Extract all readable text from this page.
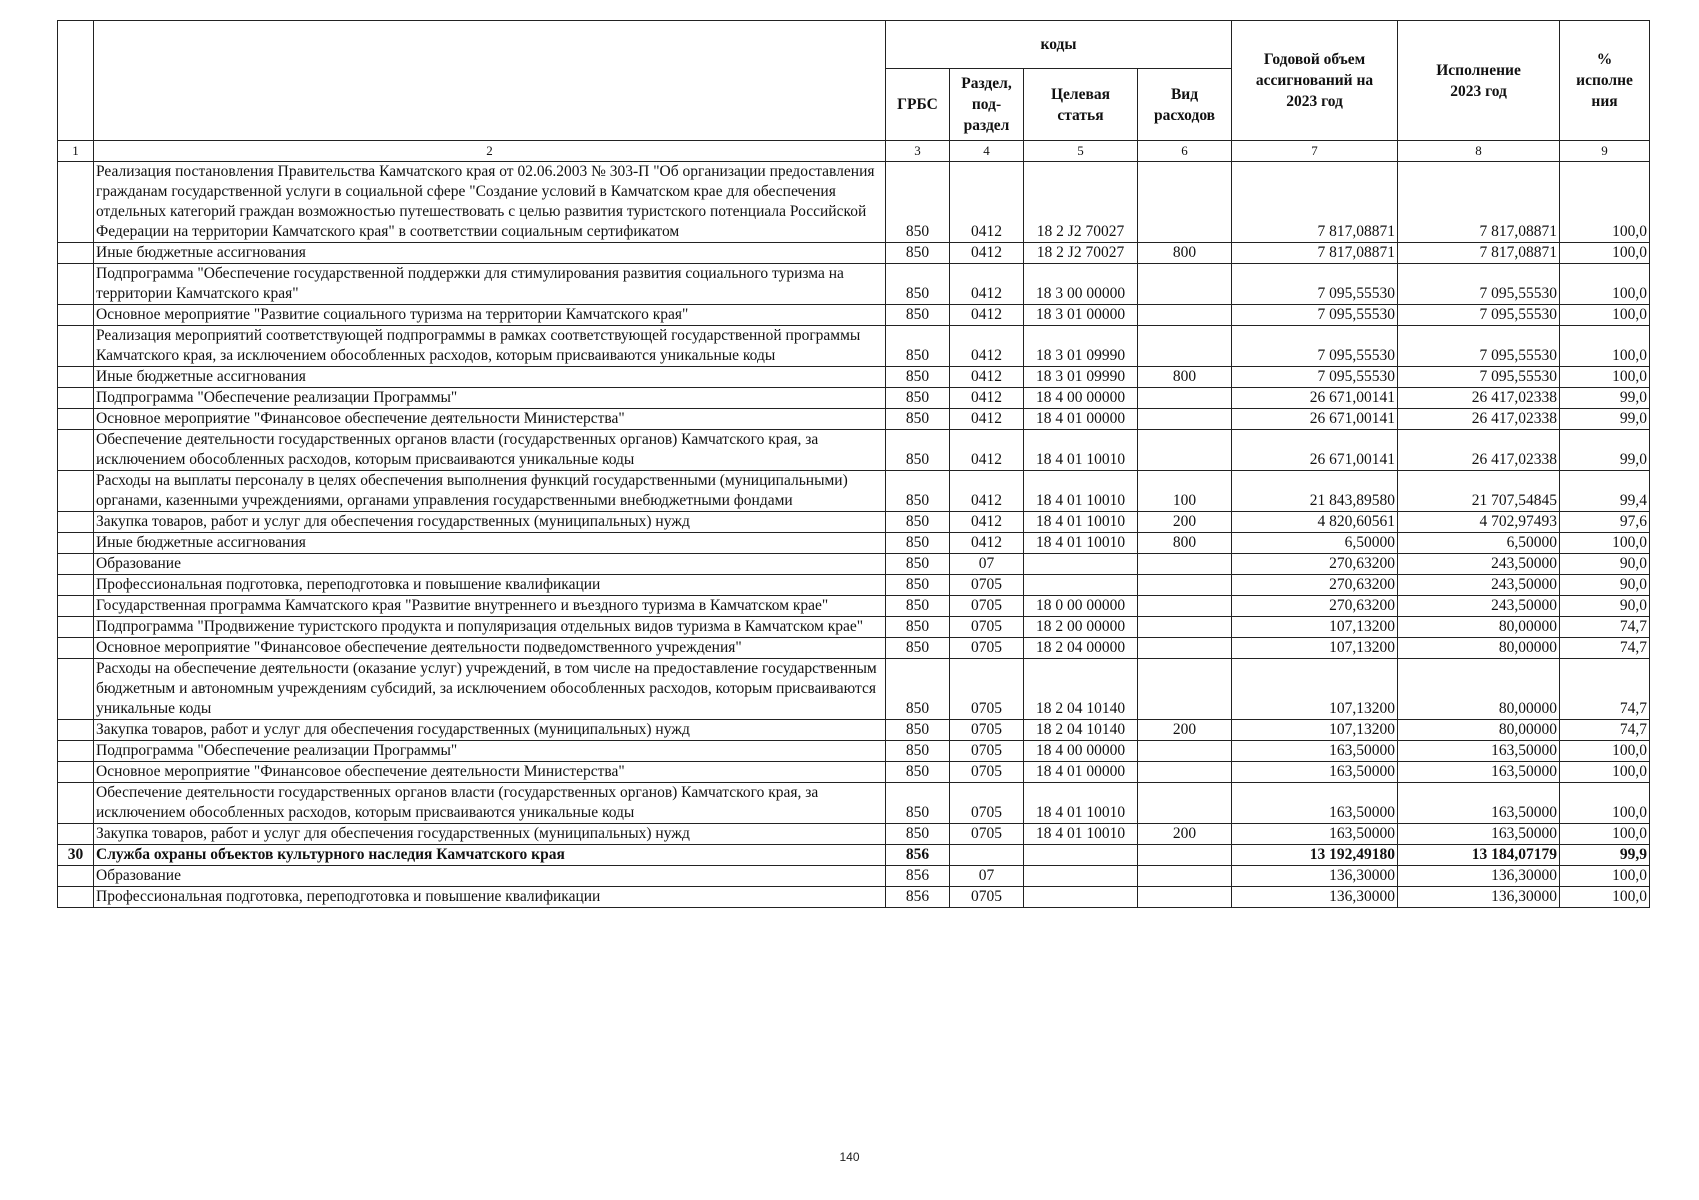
		коды				Годовой объем
ассигнований на
2023 год	Исполнение
2023 год	%
исполне
ния
		ГРБС	Раздел,
под-
раздел	Целевая
статья	Вид
расходов			
1	2	3	4	5	6	7	8	9
	Реализация постановления Правительства Камчатского края от 02.06.2003 № 303-П "Об организации предоставления гражданам государственной услуги в социальной сфере "Создание условий в Камчатском крае для обеспечения отдельных категорий граждан возможностью путешествовать с целью развития туристского потенциала Российской Федерации на территории Камчатского края" в соответствии социальным сертификатом	850	0412	18 2 J2 70027		7 817,08871	7 817,08871	100,0
	Иные бюджетные ассигнования	850	0412	18 2 J2 70027	800	7 817,08871	7 817,08871	100,0
	Подпрограмма "Обеспечение государственной поддержки для стимулирования развития социального туризма на территории Камчатского края"	850	0412	18 3 00 00000		7 095,55530	7 095,55530	100,0
	Основное мероприятие "Развитие социального туризма на территории Камчатского края"	850	0412	18 3 01 00000		7 095,55530	7 095,55530	100,0
	Реализация мероприятий соответствующей подпрограммы в рамках соответствующей государственной программы Камчатского края, за исключением обособленных расходов, которым присваиваются уникальные коды	850	0412	18 3 01 09990		7 095,55530	7 095,55530	100,0
	Иные бюджетные ассигнования	850	0412	18 3 01 09990	800	7 095,55530	7 095,55530	100,0
	Подпрограмма "Обеспечение реализации Программы"	850	0412	18 4 00 00000		26 671,00141	26 417,02338	99,0
	Основное мероприятие "Финансовое обеспечение деятельности Министерства"	850	0412	18 4 01 00000		26 671,00141	26 417,02338	99,0
	Обеспечение деятельности государственных органов власти (государственных органов) Камчатского края, за исключением обособленных расходов, которым присваиваются уникальные коды	850	0412	18 4 01 10010		26 671,00141	26 417,02338	99,0
	Расходы на выплаты персоналу в целях обеспечения выполнения функций государственными (муниципальными) органами, казенными учреждениями, органами управления государственными внебюджетными фондами	850	0412	18 4 01 10010	100	21 843,89580	21 707,54845	99,4
	Закупка товаров, работ и услуг для обеспечения государственных (муниципальных) нужд	850	0412	18 4 01 10010	200	4 820,60561	4 702,97493	97,6
	Иные бюджетные ассигнования	850	0412	18 4 01 10010	800	6,50000	6,50000	100,0
	Образование	850	07			270,63200	243,50000	90,0
	Профессиональная подготовка, переподготовка и повышение квалификации	850	0705			270,63200	243,50000	90,0
	Государственная программа Камчатского края "Развитие внутреннего и въездного туризма в Камчатском крае"	850	0705	18 0 00 00000		270,63200	243,50000	90,0
	Подпрограмма "Продвижение туристского продукта и популяризация отдельных видов туризма в Камчатском крае"	850	0705	18 2 00 00000		107,13200	80,00000	74,7
	Основное мероприятие "Финансовое обеспечение деятельности подведомственного учреждения"	850	0705	18 2 04 00000		107,13200	80,00000	74,7
	Расходы на обеспечение деятельности (оказание услуг) учреждений, в том числе на предоставление государственным бюджетным и автономным учреждениям субсидий, за исключением обособленных расходов, которым присваиваются уникальные коды	850	0705	18 2 04 10140		107,13200	80,00000	74,7
	Закупка товаров, работ и услуг для обеспечения государственных (муниципальных) нужд	850	0705	18 2 04 10140	200	107,13200	80,00000	74,7
	Подпрограмма "Обеспечение реализации Программы"	850	0705	18 4 00 00000		163,50000	163,50000	100,0
	Основное мероприятие "Финансовое обеспечение деятельности Министерства"	850	0705	18 4 01 00000		163,50000	163,50000	100,0
	Обеспечение деятельности государственных органов власти (государственных органов) Камчатского края, за исключением обособленных расходов, которым присваиваются уникальные коды	850	0705	18 4 01 10010		163,50000	163,50000	100,0
	Закупка товаров, работ и услуг для обеспечения государственных (муниципальных) нужд	850	0705	18 4 01 10010	200	163,50000	163,50000	100,0
30	Служба охраны объектов культурного наследия Камчатского края	856				13 192,49180	13 184,07179	99,9
	Образование	856	07			136,30000	136,30000	100,0
	Профессиональная подготовка, переподготовка и повышение квалификации	856	0705			136,30000	136,30000	100,0
140
